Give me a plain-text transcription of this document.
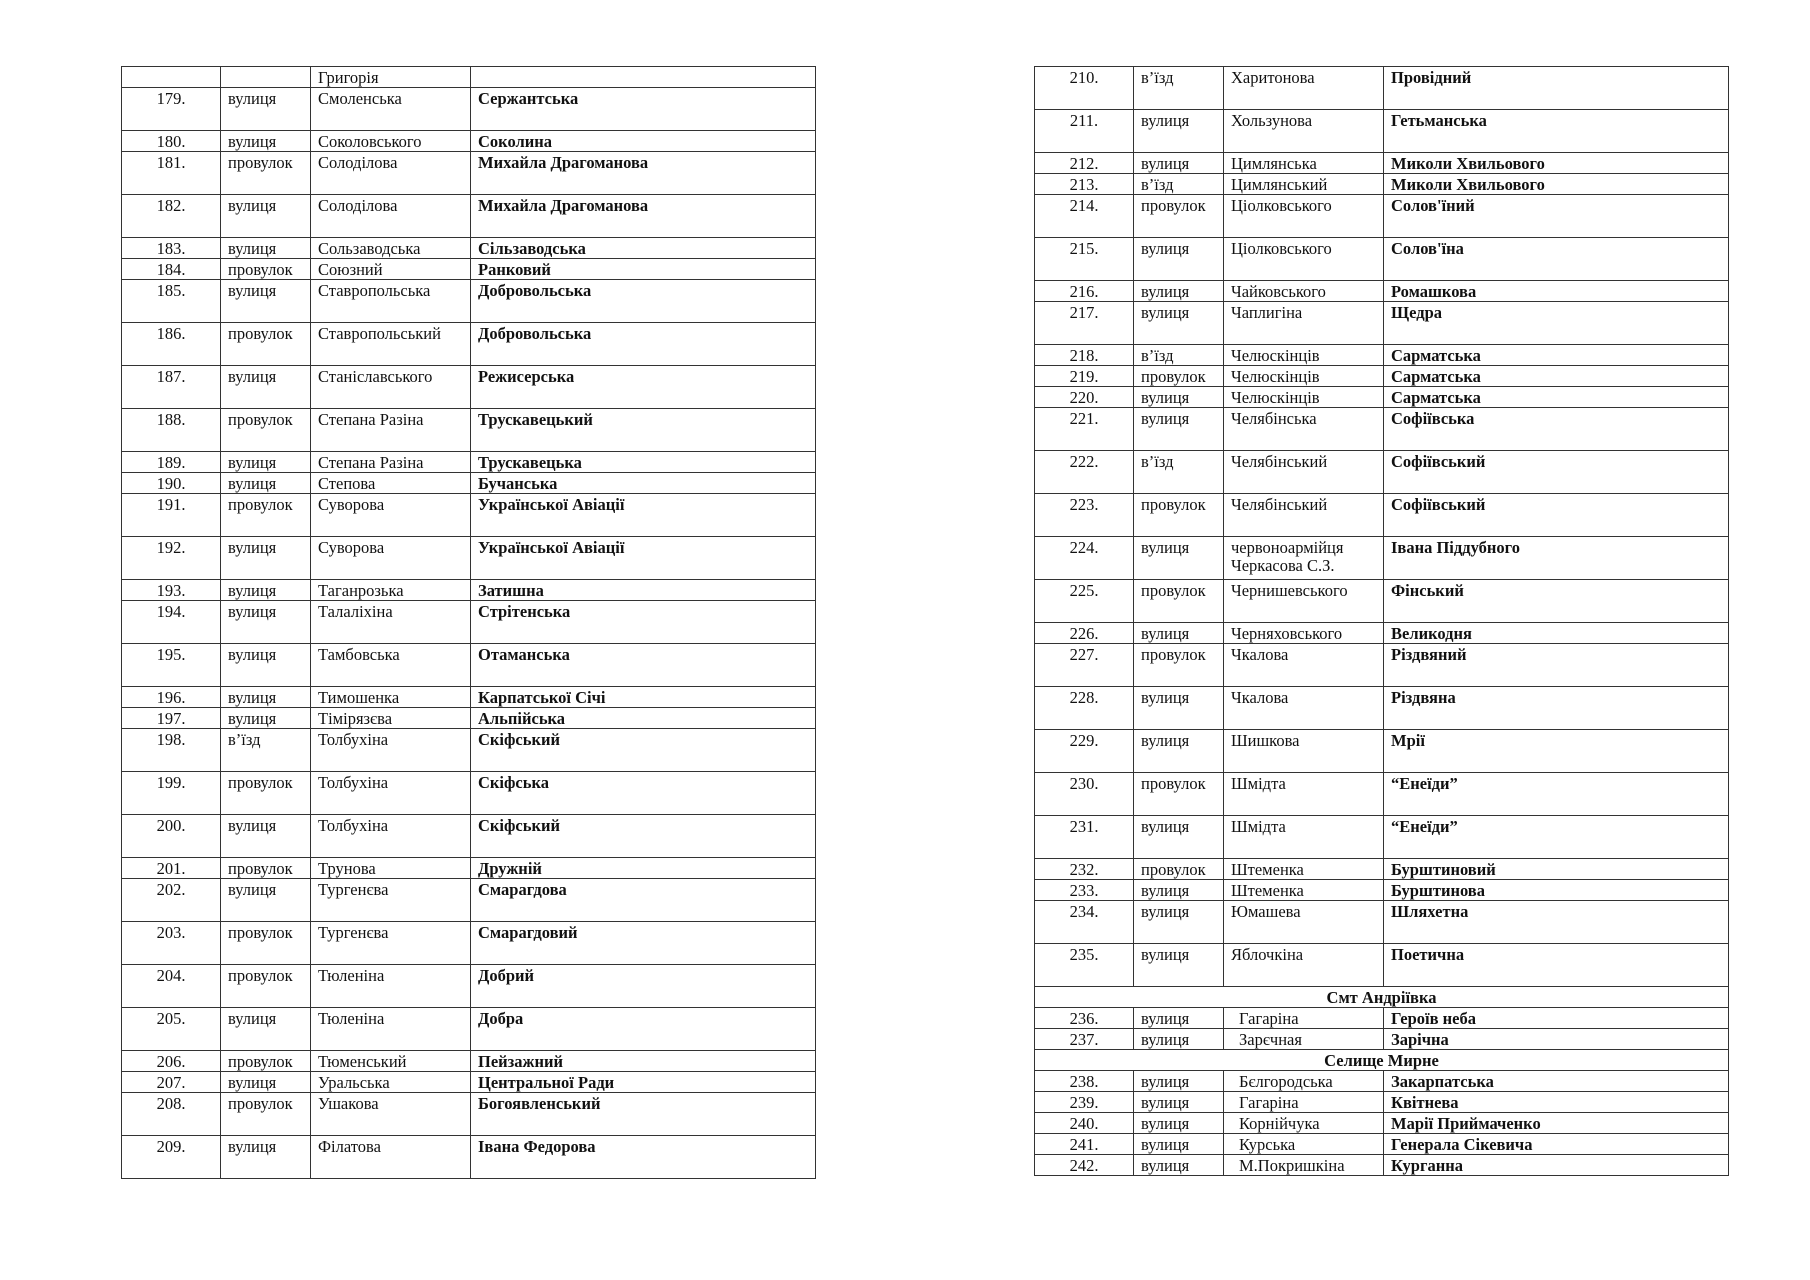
		Григорія	
179.	вулиця	Смоленська	Сержантська
180.	вулиця	Соколовського	Соколина
181.	провулок	Солоділова	Михайла Драгоманова
182.	вулиця	Солоділова	Михайла Драгоманова
183.	вулиця	Сользаводська	Сільзаводська
184.	провулок	Союзний	Ранковий
185.	вулиця	Ставропольська	Добровольська
186.	провулок	Ставропольський	Добровольська
187.	вулиця	Станіславського	Режисерська
188.	провулок	Степана Разіна	Трускавецький
189.	вулиця	Степана Разіна	Трускавецька
190.	вулиця	Степова	Бучанська
191.	провулок	Суворова	Української Авіації
192.	вулиця	Суворова	Української Авіації
193.	вулиця	Таганрозька	Затишна
194.	вулиця	Талаліхіна	Стрітенська
195.	вулиця	Тамбовська	Отаманська
196.	вулиця	Тимошенка	Карпатської Січі
197.	вулиця	Тімірязєва	Альпійська
198.	в’їзд	Толбухіна	Скіфський
199.	провулок	Толбухіна	Скіфська
200.	вулиця	Толбухіна	Скіфський
201.	провулок	Трунова	Дружній
202.	вулиця	Тургенєва	Смарагдова
203.	провулок	Тургенєва	Смарагдовий
204.	провулок	Тюленіна	Добрий
205.	вулиця	Тюленіна	Добра
206.	провулок	Тюменський	Пейзажний
207.	вулиця	Уральська	Центральної Ради
208.	провулок	Ушакова	Богоявленський
209.	вулиця	Філатова	Івана Федорова
210.	в’їзд	Харитонова	Провідний
211.	вулиця	Хользунова	Гетьманська
212.	вулиця	Цимлянська	Миколи Хвильового
213.	в’їзд	Цимлянський	Миколи Хвильового
214.	провулок	Ціолковського	Солов'їний
215.	вулиця	Ціолковського	Солов'їна
216.	вулиця	Чайковського	Ромашкова
217.	вулиця	Чаплигіна	Щедра
218.	в’їзд	Челюскінців	Сарматська
219.	провулок	Челюскінців	Сарматська
220.	вулиця	Челюскінців	Сарматська
221.	вулиця	Челябінська	Софіївська
222.	в’їзд	Челябінський	Софіївський
223.	провулок	Челябінський	Софіївський
224.	вулиця	червоноармійця Черкасова С.З.	Івана Піддубного
225.	провулок	Чернишевського	Фінський
226.	вулиця	Черняховського	Великодня
227.	провулок	Чкалова	Різдвяний
228.	вулиця	Чкалова	Різдвяна
229.	вулиця	Шишкова	Мрії
230.	провулок	Шмідта	“Енеїди”
231.	вулиця	Шмідта	“Енеїди”
232.	провулок	Штеменка	Бурштиновий
233.	вулиця	Штеменка	Бурштинова
234.	вулиця	Юмашева	Шляхетна
235.	вулиця	Яблочкіна	Поетична
Смт Андріївка			
236.	вулиця	Гагаріна	Героїв неба
237.	вулиця	Зарєчная	Зарічна
Селище Мирне			
238.	вулиця	Бєлгородська	Закарпатська
239.	вулиця	Гагаріна	Квітнева
240.	вулиця	Корнійчука	Марії Приймаченко
241.	вулиця	Курська	Генерала Сікевича
242.	вулиця	М.Покришкіна	Курганна
